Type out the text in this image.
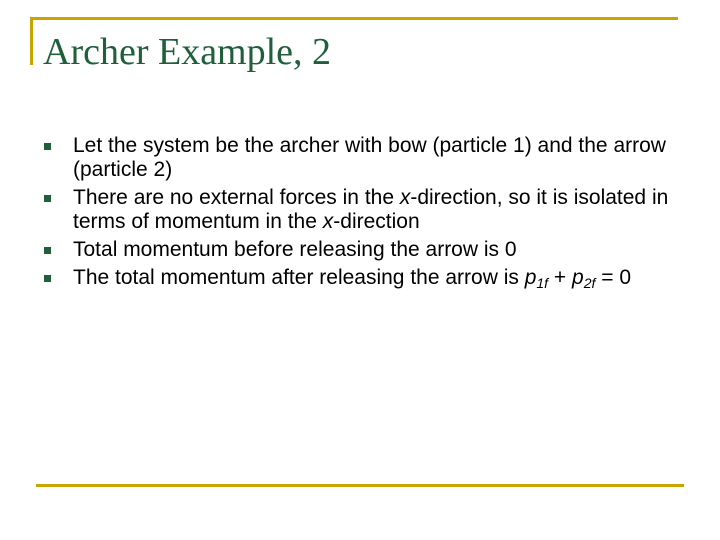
Archer Example, 2
Let the system be the archer with bow (particle 1) and the arrow (particle 2)
There are no external forces in the x-direction, so it is isolated in terms of momentum in the x-direction
Total momentum before releasing the arrow is 0
The total momentum after releasing the arrow is $p_{1f} + p_{2f} = 0$
